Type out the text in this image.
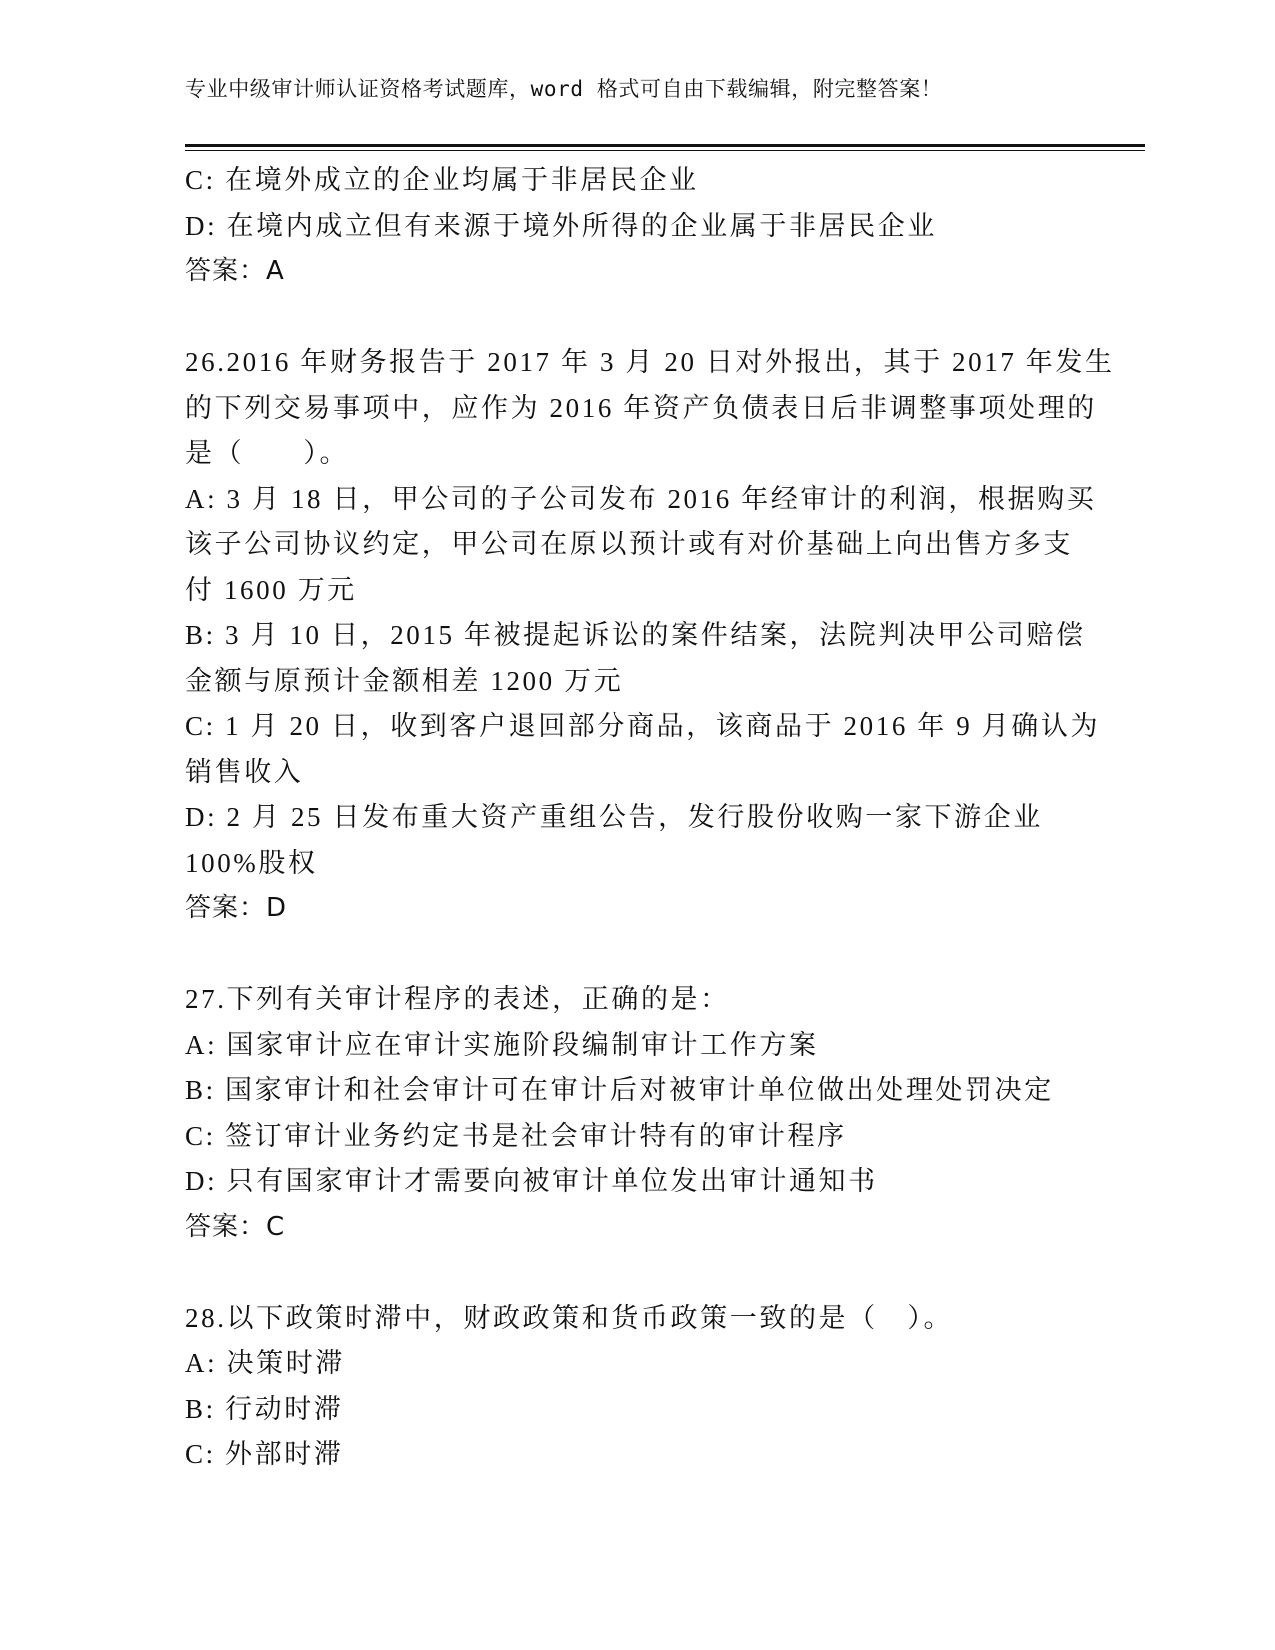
专业中级审计师认证资格考试题库，word 格式可自由下载编辑，附完整答案！
C: 在境外成立的企业均属于非居民企业
D: 在境内成立但有来源于境外所得的企业属于非居民企业
答案：A
26.2016 年财务报告于 2017 年 3 月 20 日对外报出，其于 2017 年发生
的下列交易事项中，应作为 2016 年资产负债表日后非调整事项处理的
是（　　）。
A: 3 月 18 日，甲公司的子公司发布 2016 年经审计的利润，根据购买
该子公司协议约定，甲公司在原以预计或有对价基础上向出售方多支
付 1600 万元
B: 3 月 10 日，2015 年被提起诉讼的案件结案，法院判决甲公司赔偿
金额与原预计金额相差 1200 万元
C: 1 月 20 日，收到客户退回部分商品，该商品于 2016 年 9 月确认为
销售收入
D: 2 月 25 日发布重大资产重组公告，发行股份收购一家下游企业
100%股权
答案：D
27.下列有关审计程序的表述，正确的是：
A: 国家审计应在审计实施阶段编制审计工作方案
B: 国家审计和社会审计可在审计后对被审计单位做出处理处罚决定
C: 签订审计业务约定书是社会审计特有的审计程序
D: 只有国家审计才需要向被审计单位发出审计通知书
答案：C
28.以下政策时滞中，财政政策和货币政策一致的是（　）。
A: 决策时滞
B: 行动时滞
C: 外部时滞
